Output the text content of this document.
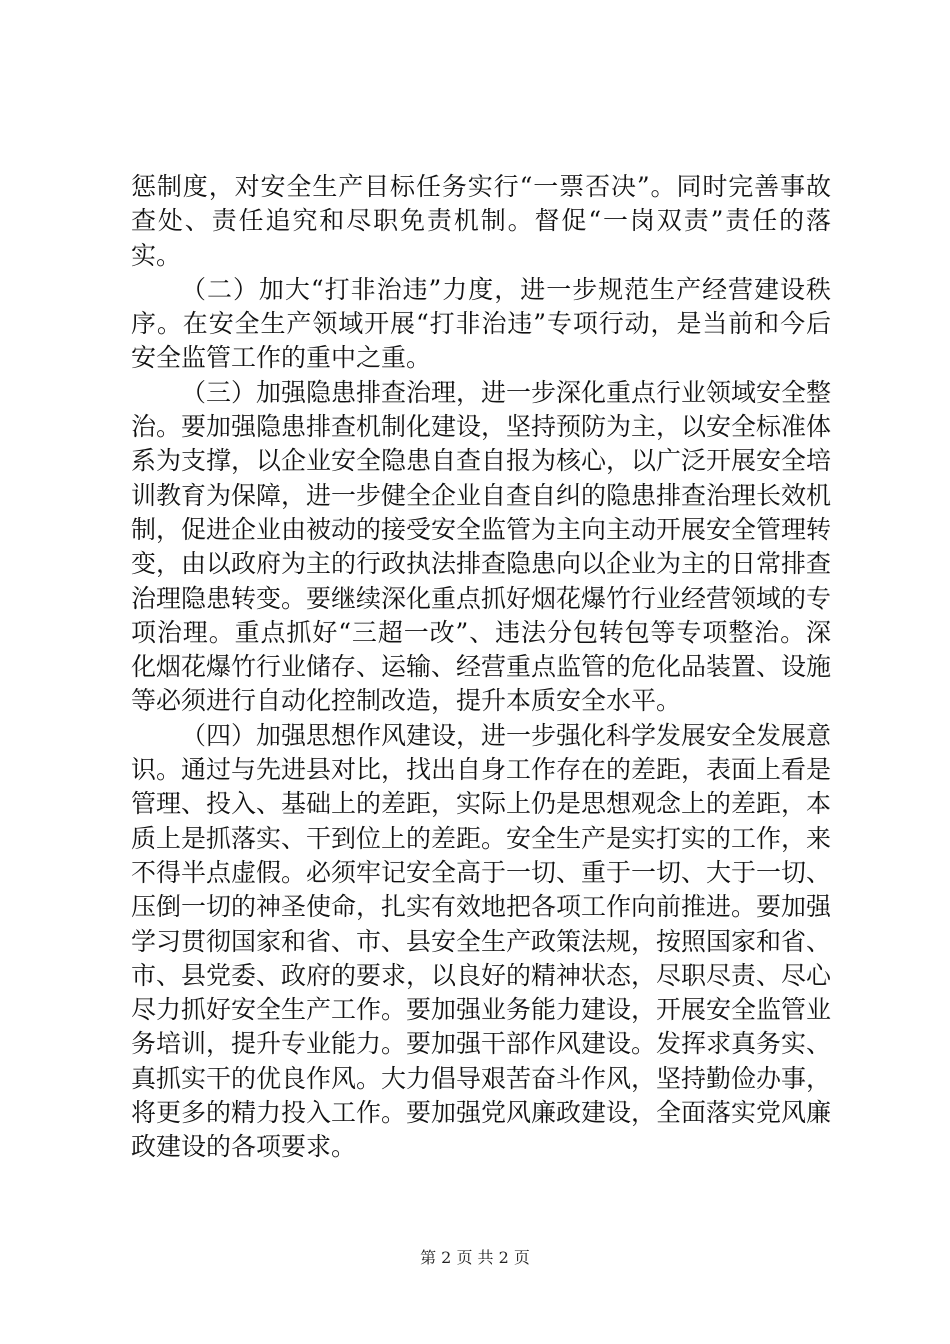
惩制度，对安全生产目标任务实行“一票否决”。同时完善事故查处、责任追究和尽职免责机制。督促“一岗双责”责任的落实。

（二）加大“打非治违”力度，进一步规范生产经营建设秩序。在安全生产领域开展“打非治违”专项行动，是当前和今后安全监管工作的重中之重。

（三）加强隐患排查治理，进一步深化重点行业领域安全整治。要加强隐患排查机制化建设，坚持预防为主，以安全标准体系为支撑，以企业安全隐患自查自报为核心，以广泛开展安全培训教育为保障，进一步健全企业自查自纠的隐患排查治理长效机制，促进企业由被动的接受安全监管为主向主动开展安全管理转变，由以政府为主的行政执法排查隐患向以企业为主的日常排查治理隐患转变。要继续深化重点抓好烟花爆竹行业经营领域的专项治理。重点抓好“三超一改”、违法分包转包等专项整治。深化烟花爆竹行业储存、运输、经营重点监管的危化品装置、设施等必须进行自动化控制改造，提升本质安全水平。

（四）加强思想作风建设，进一步强化科学发展安全发展意识。通过与先进县对比，找出自身工作存在的差距，表面上看是管理、投入、基础上的差距，实际上仍是思想观念上的差距，本质上是抓落实、干到位上的差距。安全生产是实打实的工作，来不得半点虚假。必须牢记安全高于一切、重于一切、大于一切、压倒一切的神圣使命，扎实有效地把各项工作向前推进。要加强学习贯彻国家和省、市、县安全生产政策法规，按照国家和省、市、县党委、政府的要求，以良好的精神状态，尽职尽责、尽心尽力抓好安全生产工作。要加强业务能力建设，开展安全监管业务培训，提升专业能力。要加强干部作风建设。发挥求真务实、真抓实干的优良作风。大力倡导艰苦奋斗作风，坚持勤俭办事，将更多的精力投入工作。要加强党风廉政建设，全面落实党风廉政建设的各项要求。

第 2 页 共 2 页
